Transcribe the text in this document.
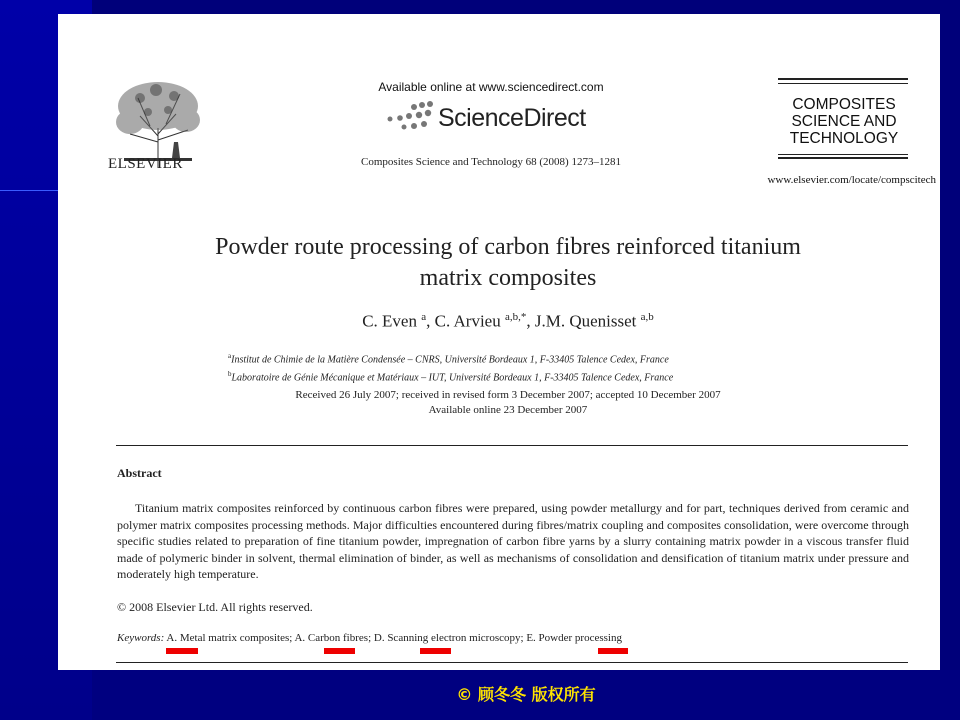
ELSEVIER
Available online at www.sciencedirect.com
ScienceDirect
Composites Science and Technology 68 (2008) 1273–1281
COMPOSITES
SCIENCE AND
TECHNOLOGY
www.elsevier.com/locate/compscitech
Powder route processing of carbon fibres reinforced titanium
matrix composites
C. Even $^a$, C. Arvieu $^{a,b,*}$, J.M. Quenisset $^{a,b}$
$^a$Institut de Chimie de la Matière Condensée – CNRS, Université Bordeaux 1, F-33405 Talence Cedex, France
$^b$Laboratoire de Génie Mécanique et Matériaux – IUT, Université Bordeaux 1, F-33405 Talence Cedex, France
Received 26 July 2007; received in revised form 3 December 2007; accepted 10 December 2007
Available online 23 December 2007
Abstract
Titanium matrix composites reinforced by continuous carbon fibres were prepared, using powder metallurgy and for part, techniques derived from ceramic and polymer matrix composites processing methods. Major difficulties encountered during fibres/matrix coupling and composites consolidation, were overcome through specific studies related to preparation of fine titanium powder, impregnation of carbon fibre yarns by a slurry containing matrix powder in a viscous transfer fluid made of polymeric binder in solvent, thermal elimination of binder, as well as mechanisms of consolidation and densification of titanium matrix under pressure and moderately high temperature.
© 2008 Elsevier Ltd. All rights reserved.
Keywords: A. Metal matrix composites; A. Carbon fibres; D. Scanning electron microscopy; E. Powder processing
© 顾冬冬 版权所有
